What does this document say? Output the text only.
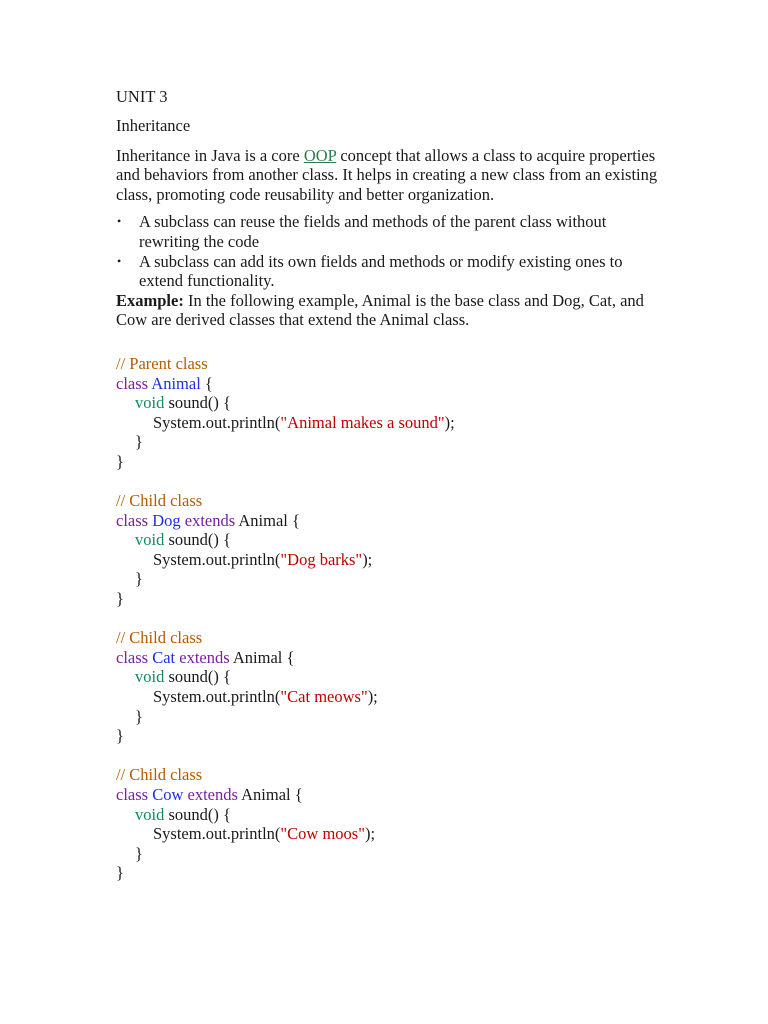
UNIT 3
Inheritance

Inheritance in Java is a core OOP concept that allows a class to acquire properties and behaviors from another class. It helps in creating a new class from an existing class, promoting code reusability and better organization.

• A subclass can reuse the fields and methods of the parent class without rewriting the code
• A subclass can add its own fields and methods or modify existing ones to extend functionality.

Example: In the following example, Animal is the base class and Dog, Cat, and Cow are derived classes that extend the Animal class.

// Parent class
class Animal {
void sound() {
System.out.println("Animal makes a sound");
}
}
// Child class
class Dog extends Animal {
void sound() {
System.out.println("Dog barks");
}
}
// Child class
class Cat extends Animal {
void sound() {
System.out.println("Cat meows");
}
}
// Child class
class Cow extends Animal {
void sound() {
System.out.println("Cow moos");
}
}
